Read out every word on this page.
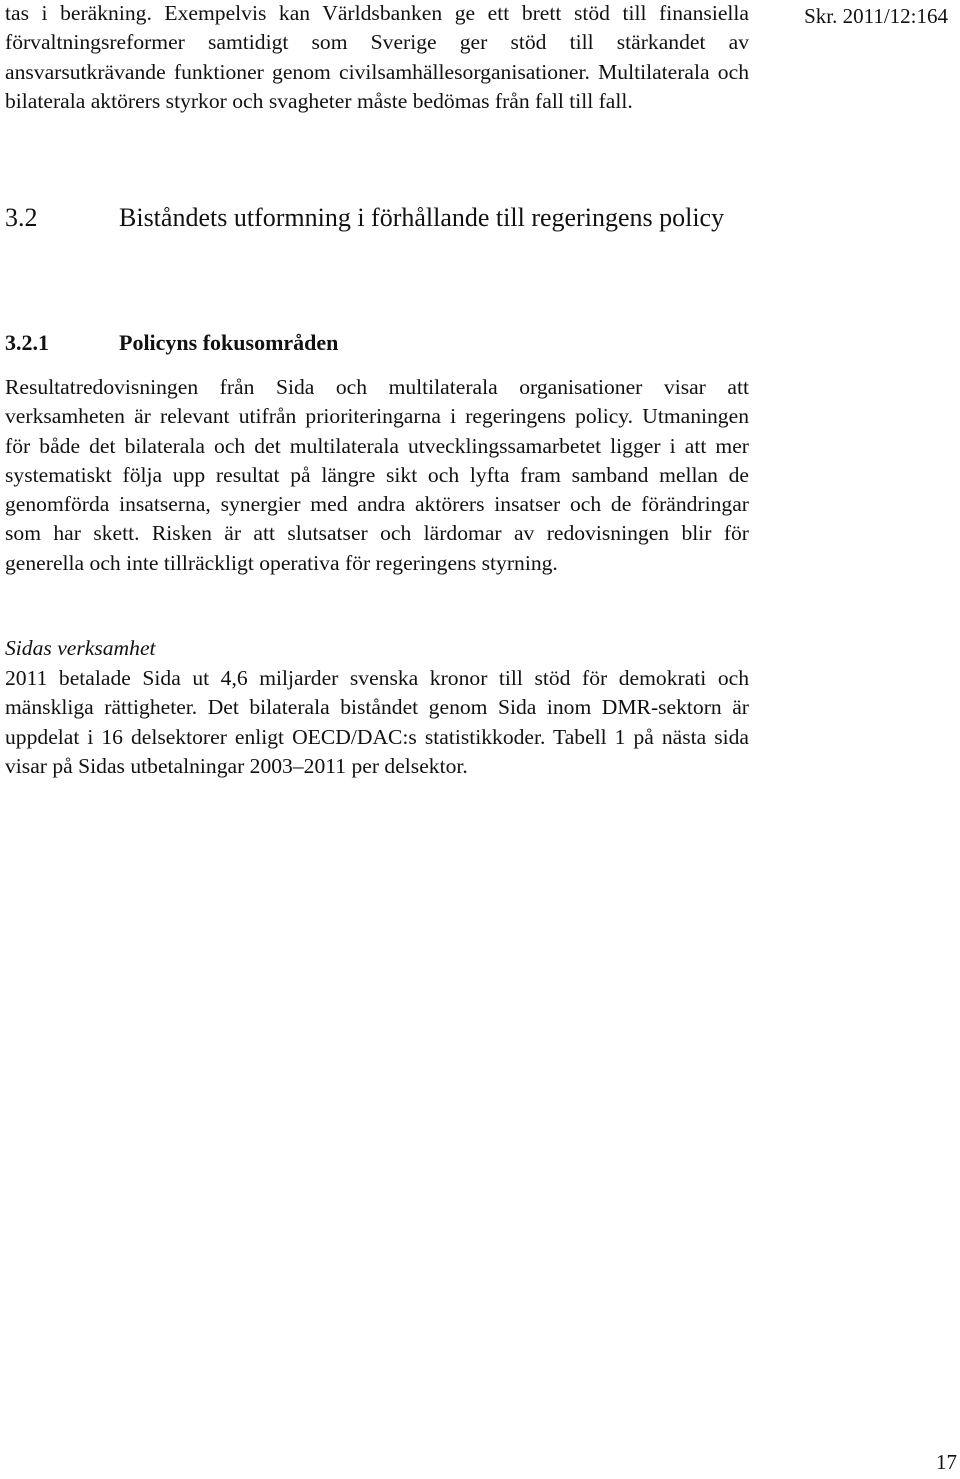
Skr. 2011/12:164

tas i beräkning. Exempelvis kan Världsbanken ge ett brett stöd till finansiella förvaltningsreformer samtidigt som Sverige ger stöd till stärkandet av ansvarsutkrävande funktioner genom civilsamhällesorganisationer. Multilaterala och bilaterala aktörers styrkor och svagheter måste bedömas från fall till fall.

3.2	Biståndets utformning i förhållande till regeringens policy
3.2.1	Policyns fokusområden

Resultatredovisningen från Sida och multilaterala organisationer visar att verksamheten är relevant utifrån prioriteringarna i regeringens policy. Utmaningen för både det bilaterala och det multilaterala utvecklingssamarbetet ligger i att mer systematiskt följa upp resultat på längre sikt och lyfta fram samband mellan de genomförda insatserna, synergier med andra aktörers insatser och de förändringar som har skett. Risken är att slutsatser och lärdomar av redovisningen blir för generella och inte tillräckligt operativa för regeringens styrning.

Sidas verksamhet

2011 betalade Sida ut 4,6 miljarder svenska kronor till stöd för demokrati och mänskliga rättigheter. Det bilaterala biståndet genom Sida inom DMR-sektorn är uppdelat i 16 delsektorer enligt OECD/DAC:s statistikkoder. Tabell 1 på nästa sida visar på Sidas utbetalningar 2003–2011 per delsektor.

17
